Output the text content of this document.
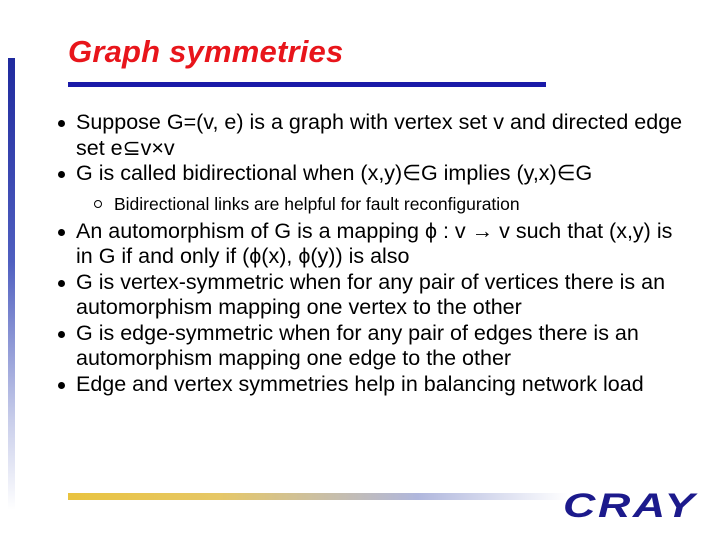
Graph symmetries
Suppose G=(v, e) is a graph with vertex set v and directed edge set e⊆v×v
G is called bidirectional when (x,y)∈G implies (y,x)∈G
Bidirectional links are helpful for fault reconfiguration
An automorphism of G is a mapping ϕ : v → v such that (x,y) is in G if and only if (ϕ(x), ϕ(y)) is also
G is vertex-symmetric when for any pair of vertices there is an automorphism mapping one vertex to the other
G is edge-symmetric when for any pair of edges there is an automorphism mapping one edge to the other
Edge and vertex symmetries help in balancing network load
CRAY
